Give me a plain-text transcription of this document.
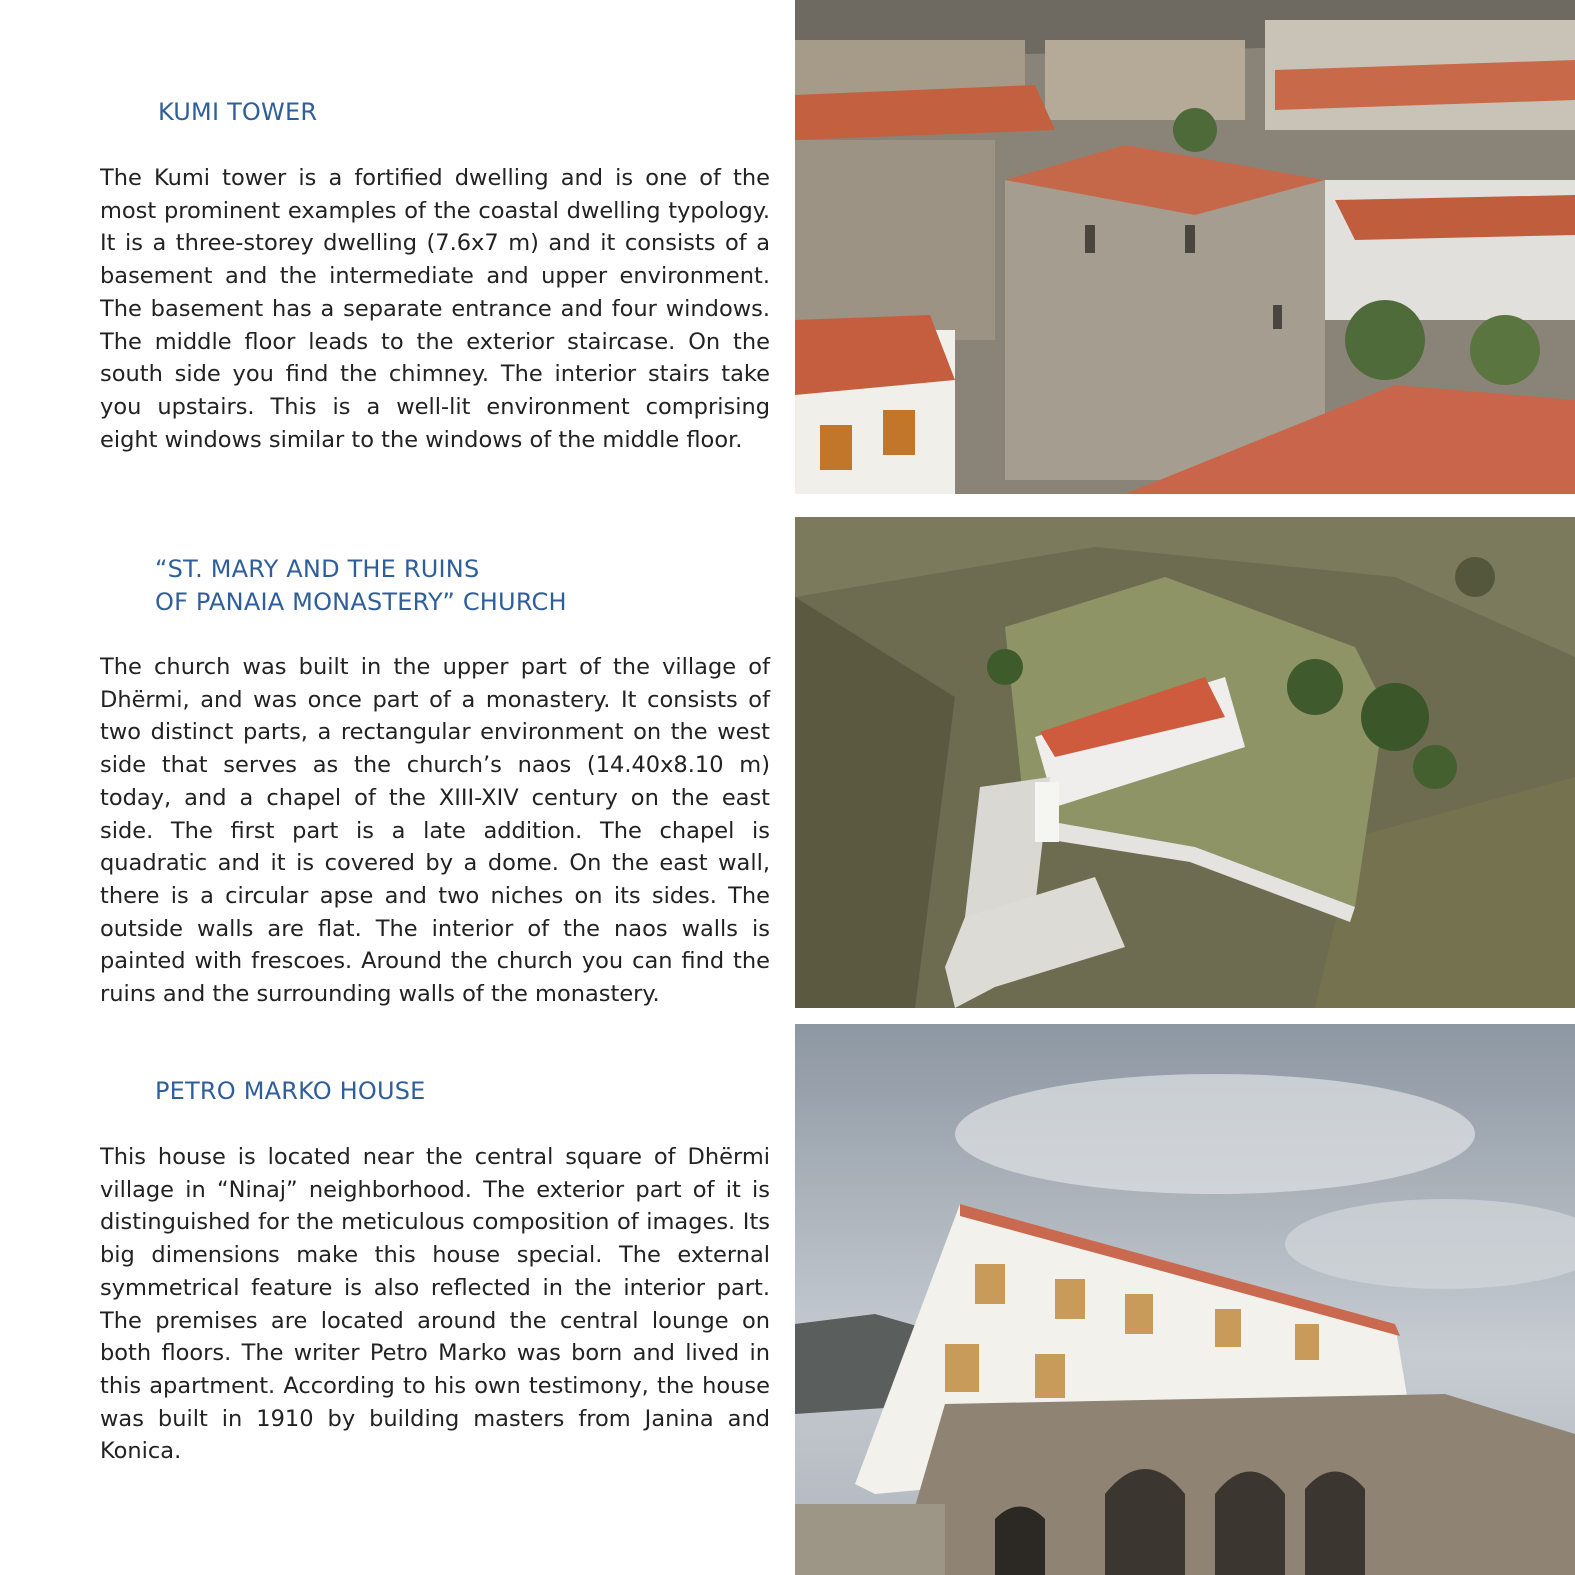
KUMI TOWER

The Kumi tower is a fortified dwelling and is one of the most prominent examples of the coastal dwelling typology. It is a three-storey dwelling (7.6x7 m) and it consists of a basement and the intermediate and upper environment. The basement has a separate entrance and four windows. The middle floor leads to the exterior staircase. On the south side you find the chimney. The interior stairs take you upstairs. This is a well-lit environment comprising eight windows similar to the windows of the middle floor.

“ST. MARY AND THE RUINS
OF PANAIA MONASTERY” CHURCH

The church was built in the upper part of the village of Dhërmi, and was once part of a monastery. It consists of two distinct parts, a rectangular environment on the west side that serves as the church’s naos (14.40x8.10 m) today, and a chapel of the XIII-XIV century on the east side. The first part is a late addition. The chapel is quadratic and it is covered by a dome. On the east wall, there is a circular apse and two niches on its sides. The outside walls are flat. The interior of the naos walls is painted with frescoes. Around the church you can find the ruins and the surrounding walls of the monastery.

PETRO MARKO HOUSE

This house is located near the central square of Dhërmi village in “Ninaj” neighborhood. The exterior part of it is distinguished for the meticulous composition of images. Its big dimensions make this house special. The external symmetrical feature is also reflected in the interior part. The premises are located around the central lounge on both floors. The writer Petro Marko was born and lived in this apartment. According to his own testimony, the house was built in 1910 by building masters from Janina and Konica.
